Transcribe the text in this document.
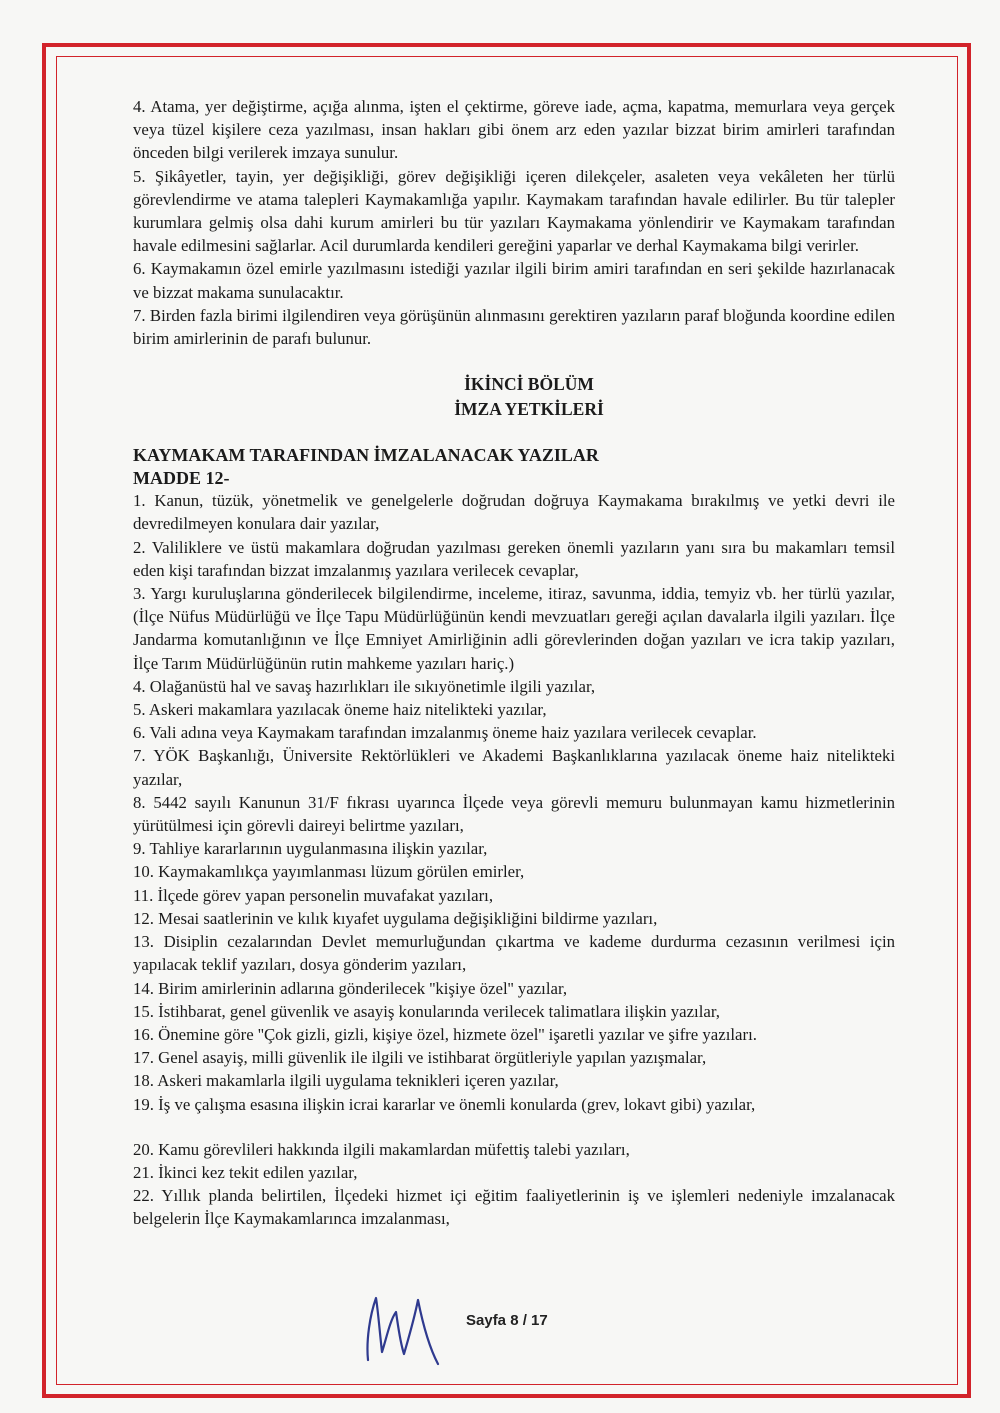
4. Atama, yer değiştirme, açığa alınma, işten el çektirme, göreve iade, açma, kapatma, memurlara veya gerçek veya tüzel kişilere ceza yazılması, insan hakları gibi önem arz eden yazılar bizzat birim amirleri tarafından önceden bilgi verilerek imzaya sunulur.

5. Şikâyetler, tayin, yer değişikliği, görev değişikliği içeren dilekçeler, asaleten veya vekâleten her türlü görevlendirme ve atama talepleri Kaymakamlığa yapılır. Kaymakam tarafından havale edilirler. Bu tür talepler kurumlara gelmiş olsa dahi kurum amirleri bu tür yazıları Kaymakama yönlendirir ve Kaymakam tarafından havale edilmesini sağlarlar. Acil durumlarda kendileri gereğini yaparlar ve derhal Kaymakama bilgi verirler.

6. Kaymakamın özel emirle yazılmasını istediği yazılar ilgili birim amiri tarafından en seri şekilde hazırlanacak ve bizzat makama sunulacaktır.

7. Birden fazla birimi ilgilendiren veya görüşünün alınmasını gerektiren yazıların paraf bloğunda koordine edilen birim amirlerinin de parafı bulunur.

İKİNCİ BÖLÜM
İMZA YETKİLERİ
KAYMAKAM TARAFINDAN İMZALANACAK YAZILAR
MADDE 12-

1. Kanun, tüzük, yönetmelik ve genelgelerle doğrudan doğruya Kaymakama bırakılmış ve yetki devri ile devredilmeyen konulara dair yazılar,

2. Valiliklere ve üstü makamlara doğrudan yazılması gereken önemli yazıların yanı sıra bu makamları temsil eden kişi tarafından bizzat imzalanmış yazılara verilecek cevaplar,

3. Yargı kuruluşlarına gönderilecek bilgilendirme, inceleme, itiraz, savunma, iddia, temyiz vb. her türlü yazılar, (İlçe Nüfus Müdürlüğü ve İlçe Tapu Müdürlüğünün kendi mevzuatları gereği açılan davalarla ilgili yazıları. İlçe Jandarma komutanlığının ve İlçe Emniyet Amirliğinin adli görevlerinden doğan yazıları ve icra takip yazıları, İlçe Tarım Müdürlüğünün rutin mahkeme yazıları hariç.)

4. Olağanüstü hal ve savaş hazırlıkları ile sıkıyönetimle ilgili yazılar,

5. Askeri makamlara yazılacak öneme haiz nitelikteki yazılar,

6. Vali adına veya Kaymakam tarafından imzalanmış öneme haiz yazılara verilecek cevaplar.

7. YÖK Başkanlığı, Üniversite Rektörlükleri ve Akademi Başkanlıklarına yazılacak öneme haiz nitelikteki yazılar,

8. 5442 sayılı Kanunun 31/F fıkrası uyarınca İlçede veya görevli memuru bulunmayan kamu hizmetlerinin yürütülmesi için görevli daireyi belirtme yazıları,

9. Tahliye kararlarının uygulanmasına ilişkin yazılar,

10. Kaymakamlıkça yayımlanması lüzum görülen emirler,

11. İlçede görev yapan personelin muvafakat yazıları,

12. Mesai saatlerinin ve kılık kıyafet uygulama değişikliğini bildirme yazıları,

13. Disiplin cezalarından Devlet memurluğundan çıkartma ve kademe durdurma cezasının verilmesi için yapılacak teklif yazıları, dosya gönderim yazıları,

14. Birim amirlerinin adlarına gönderilecek ''kişiye özel'' yazılar,

15. İstihbarat, genel güvenlik ve asayiş konularında verilecek talimatlara ilişkin yazılar,

16. Önemine göre ''Çok gizli, gizli, kişiye özel, hizmete özel'' işaretli yazılar ve şifre yazıları.

17. Genel asayiş, milli güvenlik ile ilgili ve istihbarat örgütleriyle yapılan yazışmalar,

18. Askeri makamlarla ilgili uygulama teknikleri içeren yazılar,

19. İş ve çalışma esasına ilişkin icrai kararlar ve önemli konularda (grev, lokavt gibi) yazılar,

20. Kamu görevlileri hakkında ilgili makamlardan müfettiş talebi yazıları,

21. İkinci kez tekit edilen yazılar,

22. Yıllık planda belirtilen, İlçedeki hizmet içi eğitim faaliyetlerinin iş ve işlemleri nedeniyle imzalanacak belgelerin İlçe Kaymakamlarınca imzalanması,

Sayfa 8 / 17
